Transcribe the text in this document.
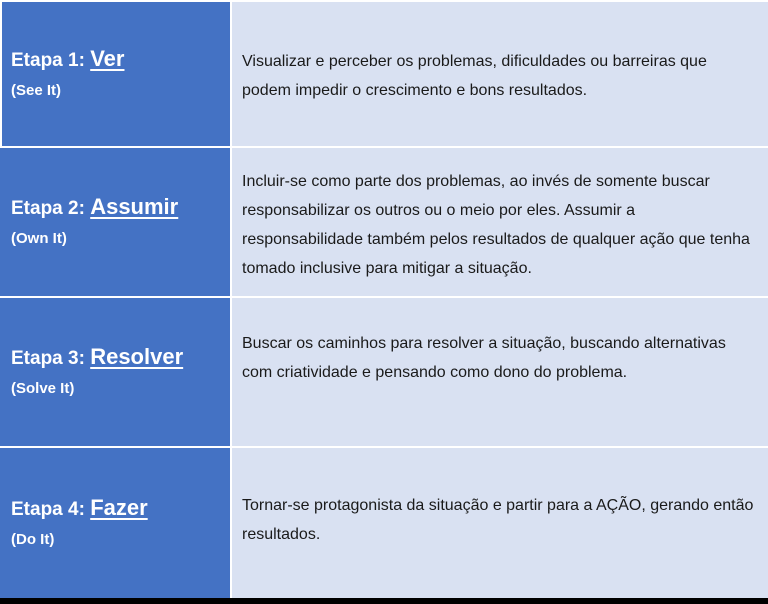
Etapa 1: Ver
(See It)

Visualizar e perceber os problemas, dificuldades ou barreiras que podem impedir o crescimento e bons resultados.

Etapa 2: Assumir
(Own It)

Incluir-se como parte dos problemas, ao invés de somente buscar responsabilizar os outros ou o meio por eles. Assumir a responsabilidade também pelos resultados de qualquer ação que tenha tomado inclusive para mitigar a situação.

Etapa 3: Resolver
(Solve It)

Buscar os caminhos para resolver a situação, buscando alternativas com criatividade e pensando como dono do problema.

Etapa 4: Fazer
(Do It)

Tornar-se protagonista da situação e partir para a AÇÃO, gerando então resultados.
